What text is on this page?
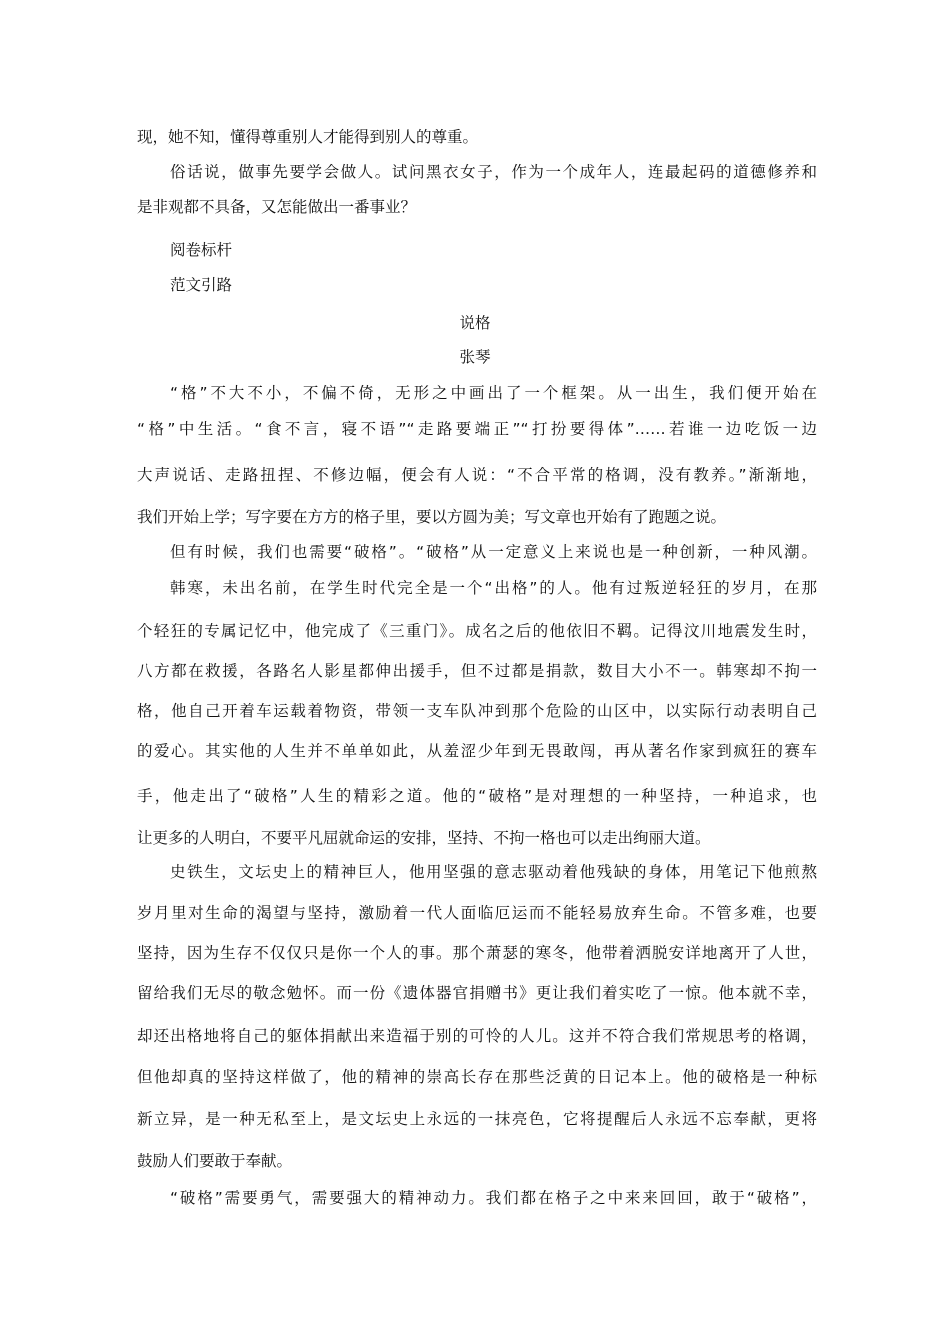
现，她不知，懂得尊重别人才能得到别人的尊重。

俗话说，做事先要学会做人。试问黑衣女子，作为一个成年人，连最起码的道德修养和

是非观都不具备，又怎能做出一番事业？

阅卷标杆

范文引路

说格

张琴

“格”不大不小，不偏不倚，无形之中画出了一个框架。从一出生，我们便开始在

“格”中生活。“食不言，寝不语”“走路要端正”“打扮要得体”……若谁一边吃饭一边

大声说话、走路扭捏、不修边幅，便会有人说：“不合平常的格调，没有教养。”渐渐地，

我们开始上学；写字要在方方的格子里，要以方圆为美；写文章也开始有了跑题之说。

但有时候，我们也需要“破格”。“破格”从一定意义上来说也是一种创新，一种风潮。

韩寒，未出名前，在学生时代完全是一个“出格”的人。他有过叛逆轻狂的岁月，在那

个轻狂的专属记忆中，他完成了《三重门》。成名之后的他依旧不羁。记得汶川地震发生时，

八方都在救援，各路名人影星都伸出援手，但不过都是捐款，数目大小不一。韩寒却不拘一

格，他自己开着车运载着物资，带领一支车队冲到那个危险的山区中，以实际行动表明自己

的爱心。其实他的人生并不单单如此，从羞涩少年到无畏敢闯，再从著名作家到疯狂的赛车

手，他走出了“破格”人生的精彩之道。他的“破格”是对理想的一种坚持，一种追求，也

让更多的人明白，不要平凡屈就命运的安排，坚持、不拘一格也可以走出绚丽大道。

史铁生，文坛史上的精神巨人，他用坚强的意志驱动着他残缺的身体，用笔记下他煎熬

岁月里对生命的渴望与坚持，激励着一代人面临厄运而不能轻易放弃生命。不管多难，也要

坚持，因为生存不仅仅只是你一个人的事。那个萧瑟的寒冬，他带着洒脱安详地离开了人世，

留给我们无尽的敬念勉怀。而一份《遗体器官捐赠书》更让我们着实吃了一惊。他本就不幸，

却还出格地将自己的躯体捐献出来造福于别的可怜的人儿。这并不符合我们常规思考的格调，

但他却真的坚持这样做了，他的精神的崇高长存在那些泛黄的日记本上。他的破格是一种标

新立异，是一种无私至上，是文坛史上永远的一抹亮色，它将提醒后人永远不忘奉献，更将

鼓励人们要敢于奉献。

“破格”需要勇气，需要强大的精神动力。我们都在格子之中来来回回，敢于“破格”，
